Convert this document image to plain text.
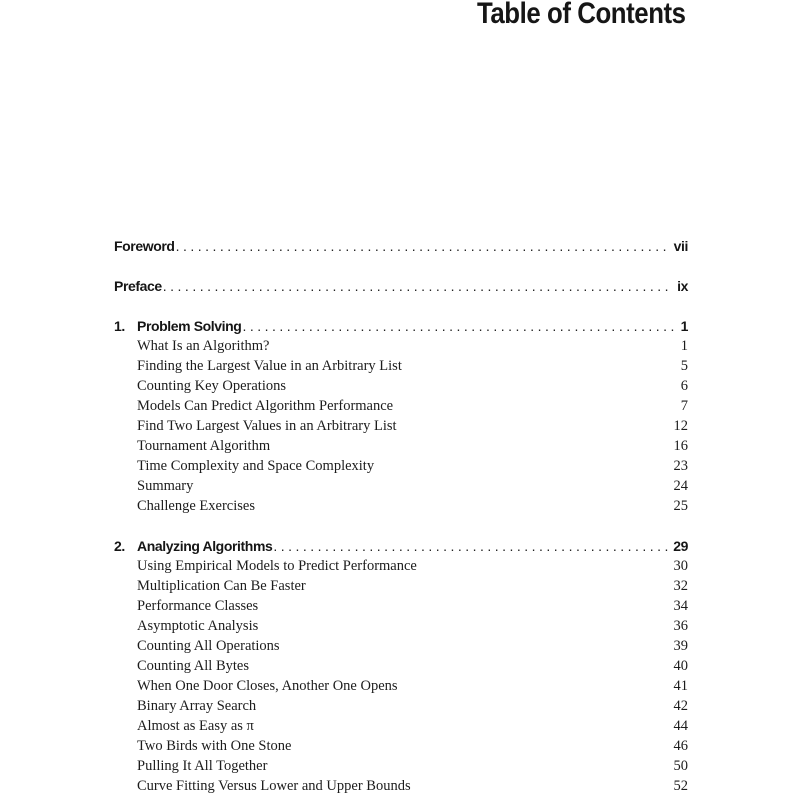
Table of Contents
Foreword . . .	vii
Preface . . .	ix
1. Problem Solving . . .	1
What Is an Algorithm?	1
Finding the Largest Value in an Arbitrary List	5
Counting Key Operations	6
Models Can Predict Algorithm Performance	7
Find Two Largest Values in an Arbitrary List	12
Tournament Algorithm	16
Time Complexity and Space Complexity	23
Summary	24
Challenge Exercises	25
2. Analyzing Algorithms . . .	29
Using Empirical Models to Predict Performance	30
Multiplication Can Be Faster	32
Performance Classes	34
Asymptotic Analysis	36
Counting All Operations	39
Counting All Bytes	40
When One Door Closes, Another One Opens	41
Binary Array Search	42
Almost as Easy as π	44
Two Birds with One Stone	46
Pulling It All Together	50
Curve Fitting Versus Lower and Upper Bounds	52
